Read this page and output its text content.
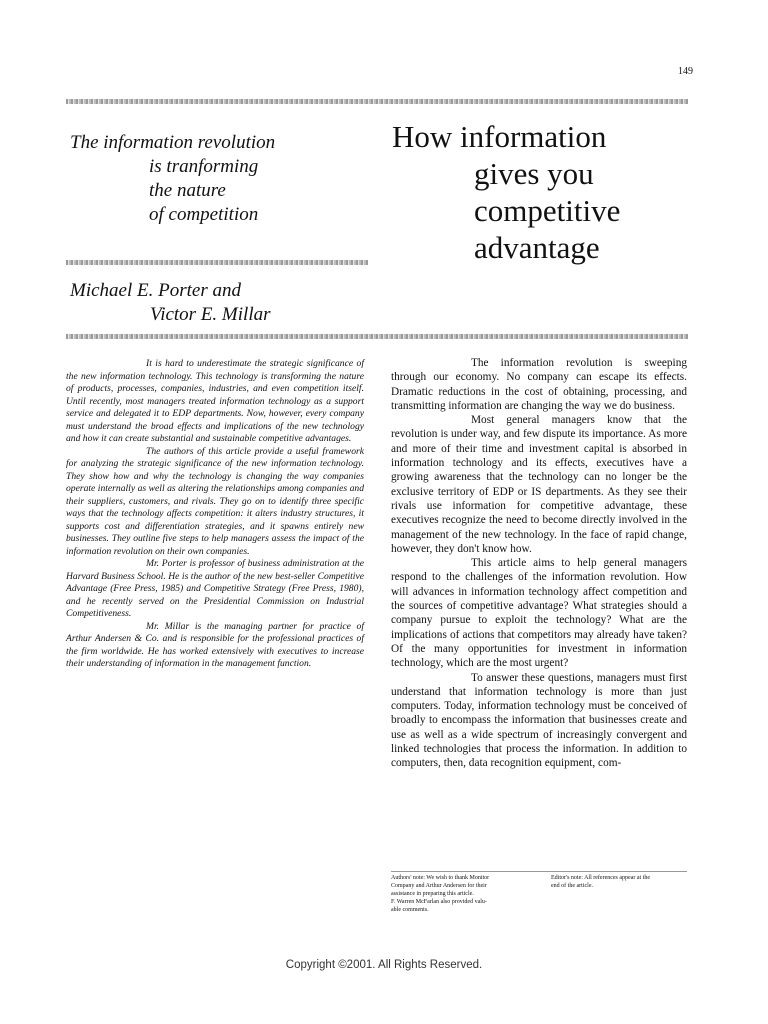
149
The information revolution
is tranforming
the nature
of competition
How information
gives you
competitive
advantage
Michael E. Porter and
Victor E. Millar

It is hard to underestimate the strategic significance of the new information technology. This technology is transforming the nature of products, processes, companies, industries, and even competition itself. Until recently, most managers treated information technology as a support service and delegated it to EDP departments. Now, however, every company must understand the broad effects and implications of the new technology and how it can create substantial and sustainable competitive advantages.

The authors of this article provide a useful framework for analyzing the strategic significance of the new information technology. They show how and why the technology is changing the way companies operate internally as well as altering the relationships among companies and their suppliers, customers, and rivals. They go on to identify three specific ways that the technology affects competition: it alters industry structures, it supports cost and differentiation strategies, and it spawns entirely new businesses. They outline five steps to help managers assess the impact of the information revolution on their own companies.

Mr. Porter is professor of business administration at the Harvard Business School. He is the author of the new best-seller Competitive Advantage (Free Press, 1985) and Competitive Strategy (Free Press, 1980), and he recently served on the Presidential Commission on Industrial Competitiveness.

Mr. Millar is the managing partner for practice of Arthur Andersen & Co. and is responsible for the professional practices of the firm worldwide. He has worked extensively with executives to increase their understanding of information in the management function.

The information revolution is sweeping through our economy. No company can escape its effects. Dramatic reductions in the cost of obtaining, processing, and transmitting information are changing the way we do business.

Most general managers know that the revolution is under way, and few dispute its importance. As more and more of their time and investment capital is absorbed in information technology and its effects, executives have a growing awareness that the technology can no longer be the exclusive territory of EDP or IS departments. As they see their rivals use information for competitive advantage, these executives recognize the need to become directly involved in the management of the new technology. In the face of rapid change, however, they don't know how.

This article aims to help general managers respond to the challenges of the information revolution. How will advances in information technology affect competition and the sources of competitive advantage? What strategies should a company pursue to exploit the technology? What are the implications of actions that competitors may already have taken? Of the many opportunities for investment in information technology, which are the most urgent?

To answer these questions, managers must first understand that information technology is more than just computers. Today, information technology must be conceived of broadly to encompass the information that businesses create and use as well as a wide spectrum of increasingly convergent and linked technologies that process the information. In addition to computers, then, data recognition equipment, com-

Authors' note: We wish to thank Monitor
Company and Arthur Andersen for their
assistance in preparing this article.
F. Warren McFarlan also provided valu-
able comments.
Editor's note: All references appear at the
end of the article.
Copyright ©2001. All Rights Reserved.
